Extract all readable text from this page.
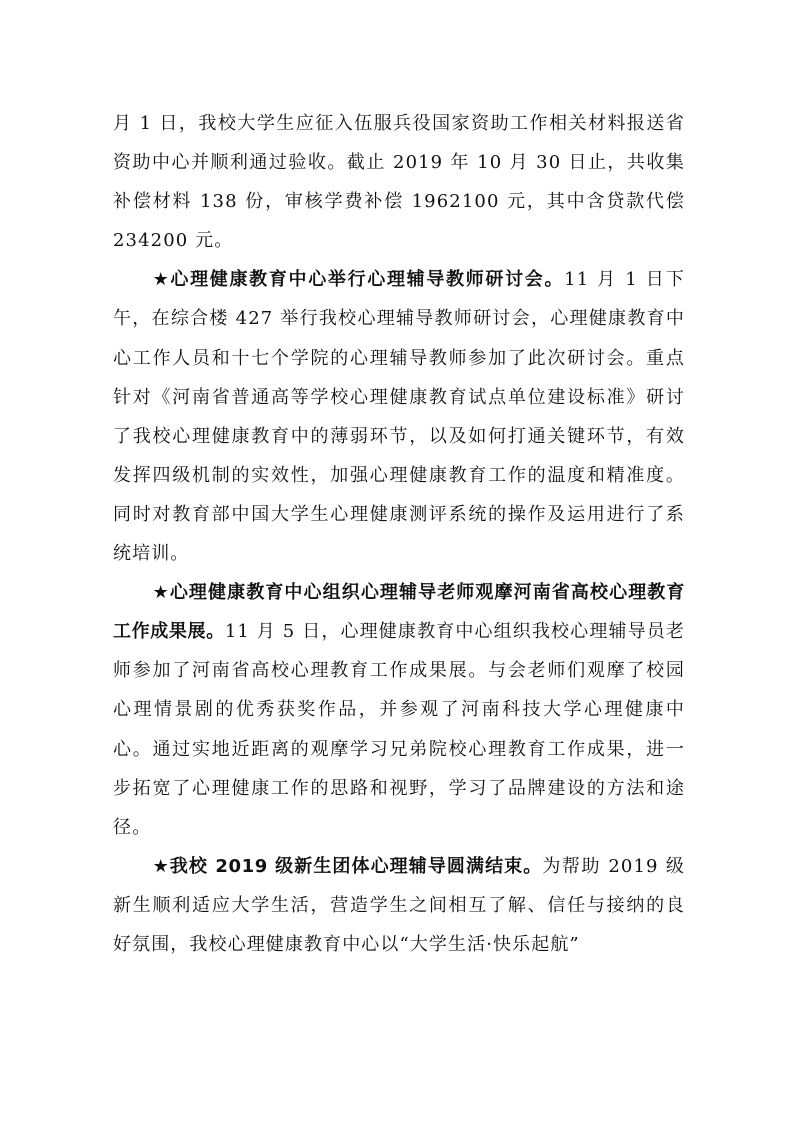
月 1 日，我校大学生应征入伍服兵役国家资助工作相关材料报送省资助中心并顺利通过验收。截止 2019 年 10 月 30 日止，共收集补偿材料 138 份，审核学费补偿 1962100 元，其中含贷款代偿234200 元。

★心理健康教育中心举行心理辅导教师研讨会。11 月 1 日下午，在综合楼 427 举行我校心理辅导教师研讨会，心理健康教育中心工作人员和十七个学院的心理辅导教师参加了此次研讨会。重点针对《河南省普通高等学校心理健康教育试点单位建设标准》研讨了我校心理健康教育中的薄弱环节，以及如何打通关键环节，有效发挥四级机制的实效性，加强心理健康教育工作的温度和精准度。同时对教育部中国大学生心理健康测评系统的操作及运用进行了系统培训。

★心理健康教育中心组织心理辅导老师观摩河南省高校心理教育工作成果展。11 月 5 日，心理健康教育中心组织我校心理辅导员老师参加了河南省高校心理教育工作成果展。与会老师们观摩了校园心理情景剧的优秀获奖作品，并参观了河南科技大学心理健康中心。通过实地近距离的观摩学习兄弟院校心理教育工作成果，进一步拓宽了心理健康工作的思路和视野，学习了品牌建设的方法和途径。

★我校 2019 级新生团体心理辅导圆满结束。为帮助 2019 级新生顺利适应大学生活，营造学生之间相互了解、信任与接纳的良好氛围，我校心理健康教育中心以“大学生活·快乐起航”
